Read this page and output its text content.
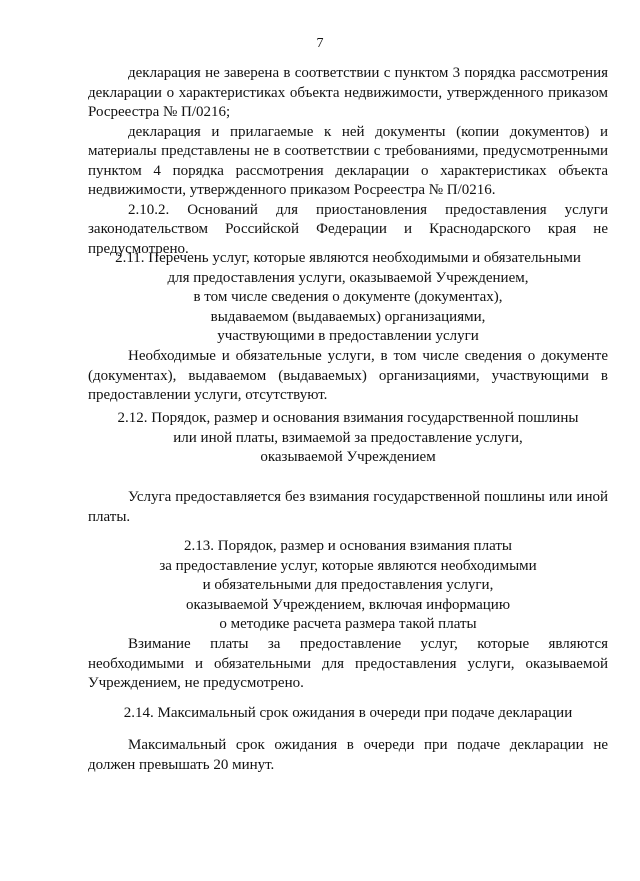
7

декларация не заверена в соответствии с пунктом 3 порядка рассмотрения декларации о характеристиках объекта недвижимости, утвержденного приказом Росреестра № П/0216;

декларация и прилагаемые к ней документы (копии документов) и материалы представлены не в соответствии с требованиями, предусмотренными пунктом 4 порядка рассмотрения декларации о характеристиках объекта недвижимости, утвержденного приказом Росреестра № П/0216.

2.10.2. Оснований для приостановления предоставления услуги законодательством Российской Федерации и Краснодарского края не предусмотрено.

2.11. Перечень услуг, которые являются необходимыми и обязательными
для предоставления услуги, оказываемой Учреждением,
в том числе сведения о документе (документах),
выдаваемом (выдаваемых) организациями,
участвующими в предоставлении услуги

Необходимые и обязательные услуги, в том числе сведения о документе (документах), выдаваемом (выдаваемых) организациями, участвующими в предоставлении услуги, отсутствуют.

2.12. Порядок, размер и основания взимания государственной пошлины
или иной платы, взимаемой за предоставление услуги,
оказываемой Учреждением

Услуга предоставляется без взимания государственной пошлины или иной платы.

2.13. Порядок, размер и основания взимания платы
за предоставление услуг, которые являются необходимыми
и обязательными для предоставления услуги,
оказываемой Учреждением, включая информацию
о методике расчета размера такой платы

Взимание платы за предоставление услуг, которые являются необходимыми и обязательными для предоставления услуги, оказываемой Учреждением, не предусмотрено.

2.14. Максимальный срок ожидания в очереди при подаче декларации

Максимальный срок ожидания в очереди при подаче декларации не должен превышать 20 минут.
